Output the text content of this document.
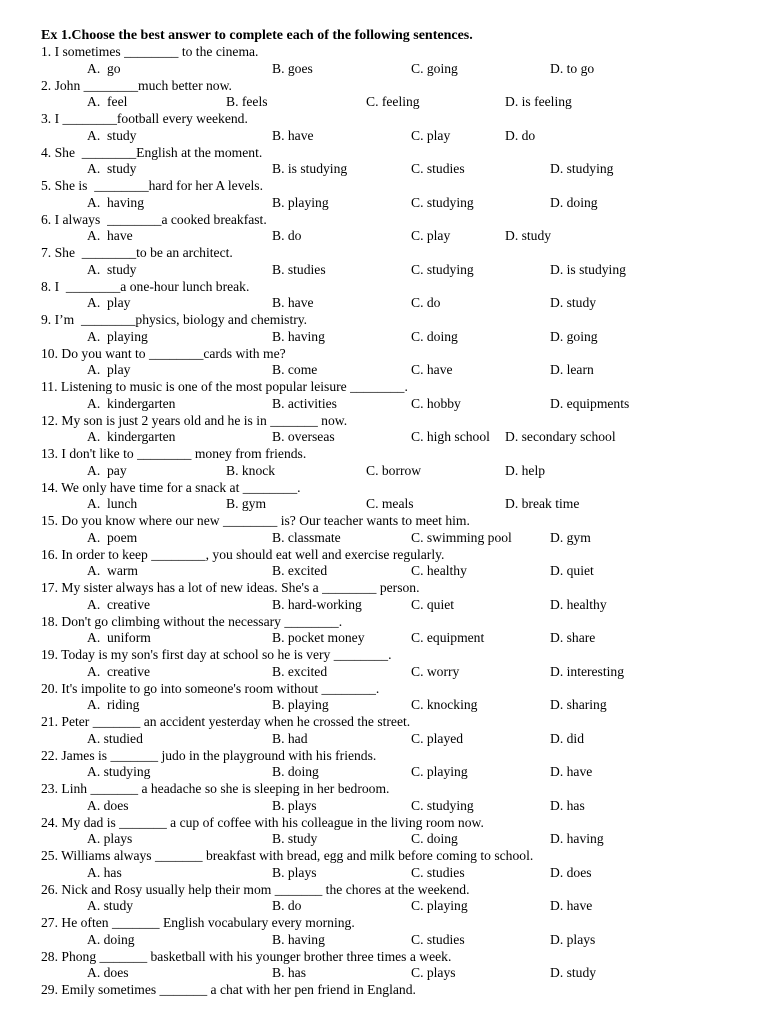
Ex 1.Choose the best answer to complete each of the following sentences.
1. I sometimes ________ to the cinema.
A.  go	B. goes	C. going	D. to go
2. John ________much better now.
A.  feel	B. feels	C. feeling	D. is feeling
3. I ________football every weekend.
A.  study	B. have	C. play	D. do
4. She  ________English at the moment.
A.  study	B. is studying	C. studies	D. studying
5. She is  ________hard for her A levels.
A.  having	B. playing	C. studying	D. doing
6. I always  ________a cooked breakfast.
A.  have	B. do	C. play	D. study
7. She  ________to be an architect.
A.  study	B. studies	C. studying	D. is studying
8. I  ________a one-hour lunch break.
A.  play	B. have	C. do	D. study
9. I’m  ________physics, biology and chemistry.
A.  playing	B. having	C. doing	D. going
10. Do you want to ________cards with me?
A.  play	B. come	C. have	D. learn
11. Listening to music is one of the most popular leisure ________.
A.  kindergarten	B. activities	C. hobby	D. equipments
12. My son is just 2 years old and he is in _______ now.
A.  kindergarten	B. overseas	C. high school D. secondary school
13. I don't like to ________ money from friends.
A.  pay	B. knock	C. borrow	D. help
14. We only have time for a snack at ________.
A.  lunch	B. gym	C. meals	D. break time
15. Do you know where our new ________ is? Our teacher wants to meet him.
A.  poem	B. classmate	C. swimming pool	D. gym
16. In order to keep ________, you should eat well and exercise regularly.
A.  warm	B. excited	C. healthy	D. quiet
17. My sister always has a lot of new ideas. She's a ________ person.
A.  creative	B. hard-working	C. quiet	D. healthy
18. Don't go climbing without the necessary ________.
A.  uniform	B. pocket money	C. equipment	D. share
19. Today is my son's first day at school so he is very ________.
A.  creative	B. excited	C. worry	D. interesting
20. It's impolite to go into someone's room without ________.
A.  riding	B. playing	C. knocking	D. sharing
21. Peter _______ an accident yesterday when he crossed the street.
A. studied	B. had	C. played	D. did
22. James is _______ judo in the playground with his friends.
A. studying	B. doing	C. playing	D. have
23. Linh _______ a headache so she is sleeping in her bedroom.
A. does	B. plays	C. studying	D. has
24. My dad is _______ a cup of coffee with his colleague in the living room now.
A. plays	B. study	C. doing	D. having
25. Williams always _______ breakfast with bread, egg and milk before coming to school.
A. has	B. plays	C. studies	D. does
26. Nick and Rosy usually help their mom _______ the chores at the weekend.
A. study	B. do	C. playing	D. have
27. He often _______ English vocabulary every morning.
A. doing	B. having	C. studies	D. plays
28. Phong _______ basketball with his younger brother three times a week.
A. does	B. has	C. plays	D. study
29. Emily sometimes _______ a chat with her pen friend in England.
